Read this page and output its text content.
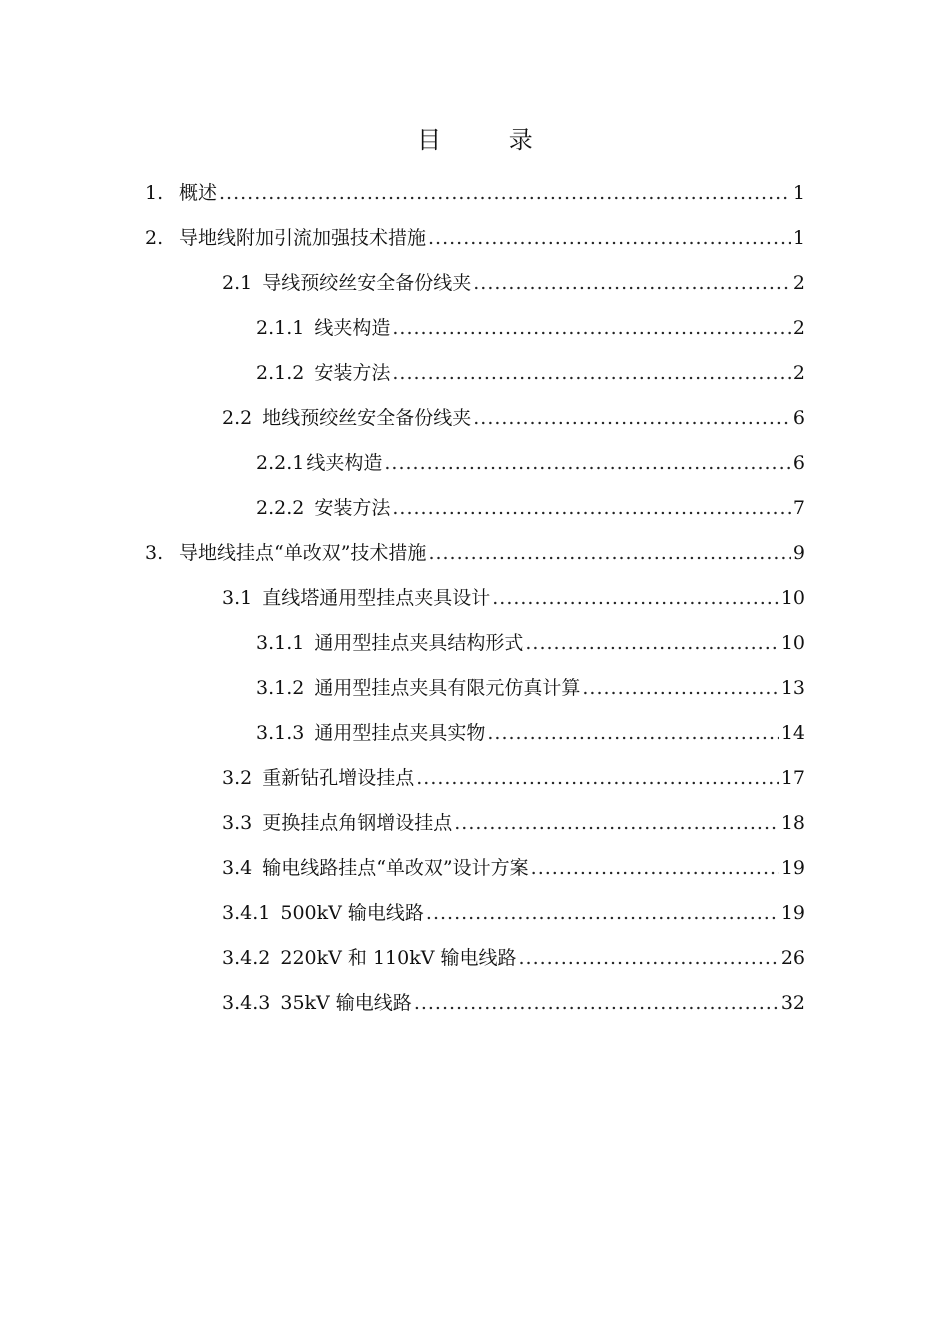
目 录
1. 概述 .....	1
2. 导地线附加引流加强技术措施 .....	1
2.1 导线预绞丝安全备份线夹 .....	2
2.1.1 线夹构造 .....	2
2.1.2 安装方法 .....	2
2.2 地线预绞丝安全备份线夹 .....	6
2.2.1 线夹构造 .....	6
2.2.2 安装方法 .....	7
3. 导地线挂点“单改双”技术措施 .....	9
3.1 直线塔通用型挂点夹具设计 .....	10
3.1.1 通用型挂点夹具结构形式 .....	10
3.1.2 通用型挂点夹具有限元仿真计算 .....	13
3.1.3 通用型挂点夹具实物 .....	14
3.2 重新钻孔增设挂点 .....	17
3.3 更换挂点角钢增设挂点 .....	18
3.4 输电线路挂点“单改双”设计方案 .....	19
3.4.1 500kV 输电线路 .....	19
3.4.2 220kV 和 110kV 输电线路 .....	26
3.4.3 35kV 输电线路 .....	32
